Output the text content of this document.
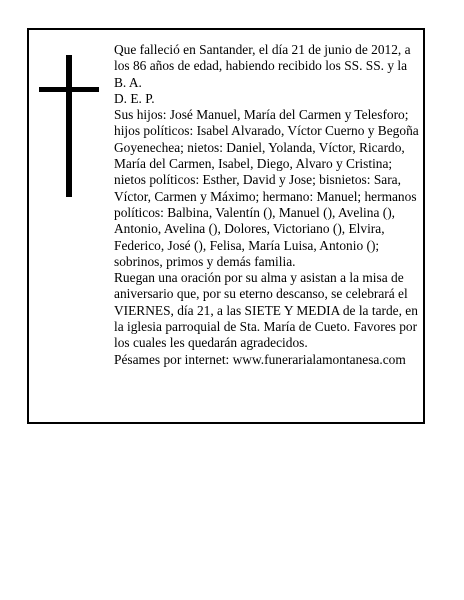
Que falleció en Santander, el día 21 de junio de 2012, a los 86 años de edad, habiendo recibido los SS. SS. y la B. A.

D. E. P.

Sus hijos: José Manuel, María del Carmen y Telesforo; hijos políticos: Isabel Alvarado, Víctor Cuerno y Begoña Goyenechea; nietos: Daniel, Yolanda, Víctor, Ricardo, María del Carmen, Isabel, Diego, Alvaro y Cristina; nietos políticos: Esther, David y Jose; bisnietos: Sara, Víctor, Carmen y Máximo; hermano: Manuel; hermanos políticos: Balbina, Valentín (), Manuel (), Avelina (), Antonio, Avelina (), Dolores, Victoriano (), Elvira, Federico, José (), Felisa, María Luisa, Antonio (); sobrinos, primos y demás familia.

Ruegan una oración por su alma y asistan a la misa de aniversario que, por su eterno descanso, se celebrará el VIERNES, día 21, a las SIETE Y MEDIA de la tarde, en la iglesia parroquial de Sta. María de Cueto. Favores por los cuales les quedarán agradecidos.

Pésames por internet: www.funerarialamontanesa.com
